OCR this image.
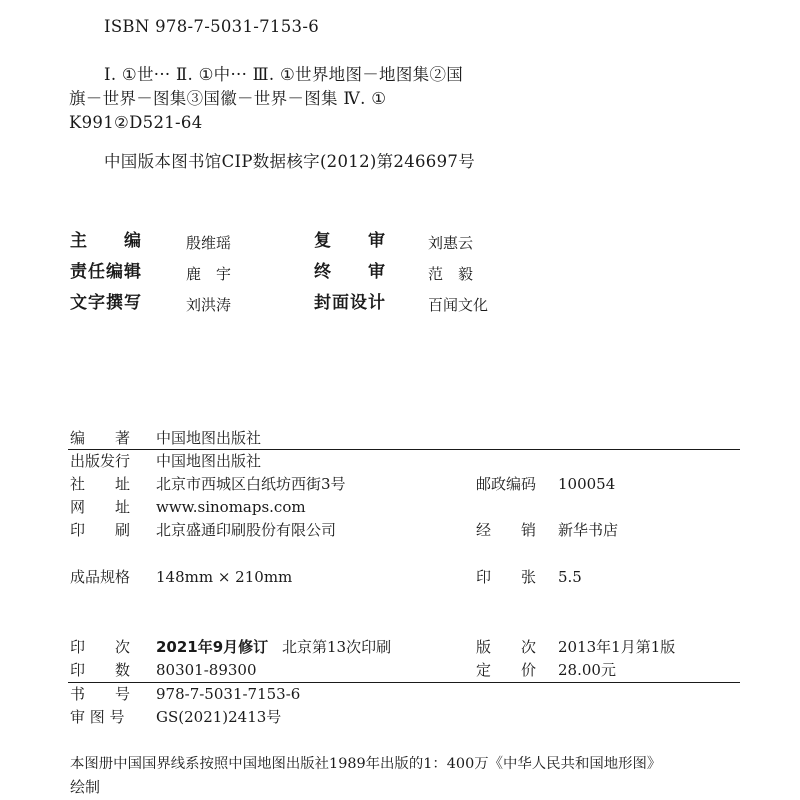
ISBN 978-7-5031-7153-6
Ⅰ. ①世··· Ⅱ. ①中··· Ⅲ. ①世界地图－地图集②国
旗－世界－图集③国徽－世界－图集 Ⅳ. ①
K991②D521-64
中国版本图书馆CIP数据核字(2012)第246697号
主　　编	殷维瑶	复　　审	刘惠云
责任编辑	鹿　宇	终　　审	范　毅
文字撰写	刘洪涛	封面设计	百闻文化
编　　著 中国地图出版社
出版发行 中国地图出版社
社　　址 北京市西城区白纸坊西街3号	邮政编码 100054
网　　址 www.sinomaps.com
印　　刷 北京盛通印刷股份有限公司	经　　销 新华书店
成品规格 148mm × 210mm	印　　张 5.5
印　　次 2021年9月修订 北京第13次印刷	版　　次 2013年1月第1版
印　　数 80301-89300	定　　价 28.00元
书　　号 978-7-5031-7153-6
审 图 号 GS(2021)2413号
本图册中国国界线系按照中国地图出版社1989年出版的1：400万《中华人民共和国地形图》
绘制
